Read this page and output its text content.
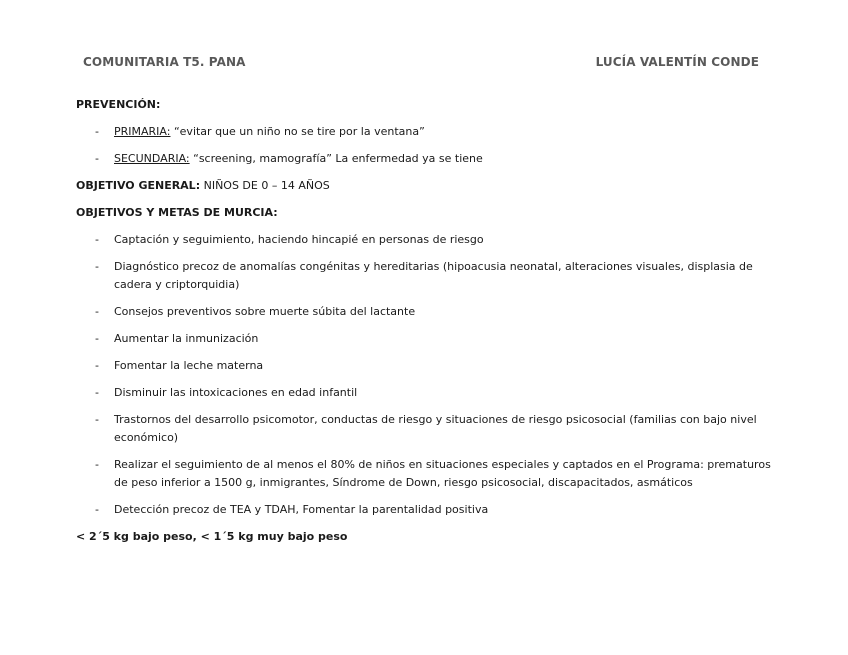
COMUNITARIA T5. PANA	LUCÍA VALENTÍN CONDE

PREVENCIÓN:

- PRIMARIA: “evitar que un niño no se tire por la ventana”
- SECUNDARIA: “screening, mamografía” La enfermedad ya se tiene

OBJETIVO GENERAL: NIÑOS DE 0 – 14 AÑOS

OBJETIVOS Y METAS DE MURCIA:

- Captación y seguimiento, haciendo hincapié en personas de riesgo
- Diagnóstico precoz de anomalías congénitas y hereditarias (hipoacusia neonatal, alteraciones visuales, displasia de cadera y criptorquidia)
- Consejos preventivos sobre muerte súbita del lactante
- Aumentar la inmunización
- Fomentar la leche materna
- Disminuir las intoxicaciones en edad infantil
- Trastornos del desarrollo psicomotor, conductas de riesgo y situaciones de riesgo psicosocial (familias con bajo nivel económico)
- Realizar el seguimiento de al menos el 80% de niños en situaciones especiales y captados en el Programa: prematuros de peso inferior a 1500 g, inmigrantes, Síndrome de Down, riesgo psicosocial, discapacitados, asmáticos
- Detección precoz de TEA y TDAH, Fomentar la parentalidad positiva

< 2´5 kg bajo peso, < 1´5 kg muy bajo peso
